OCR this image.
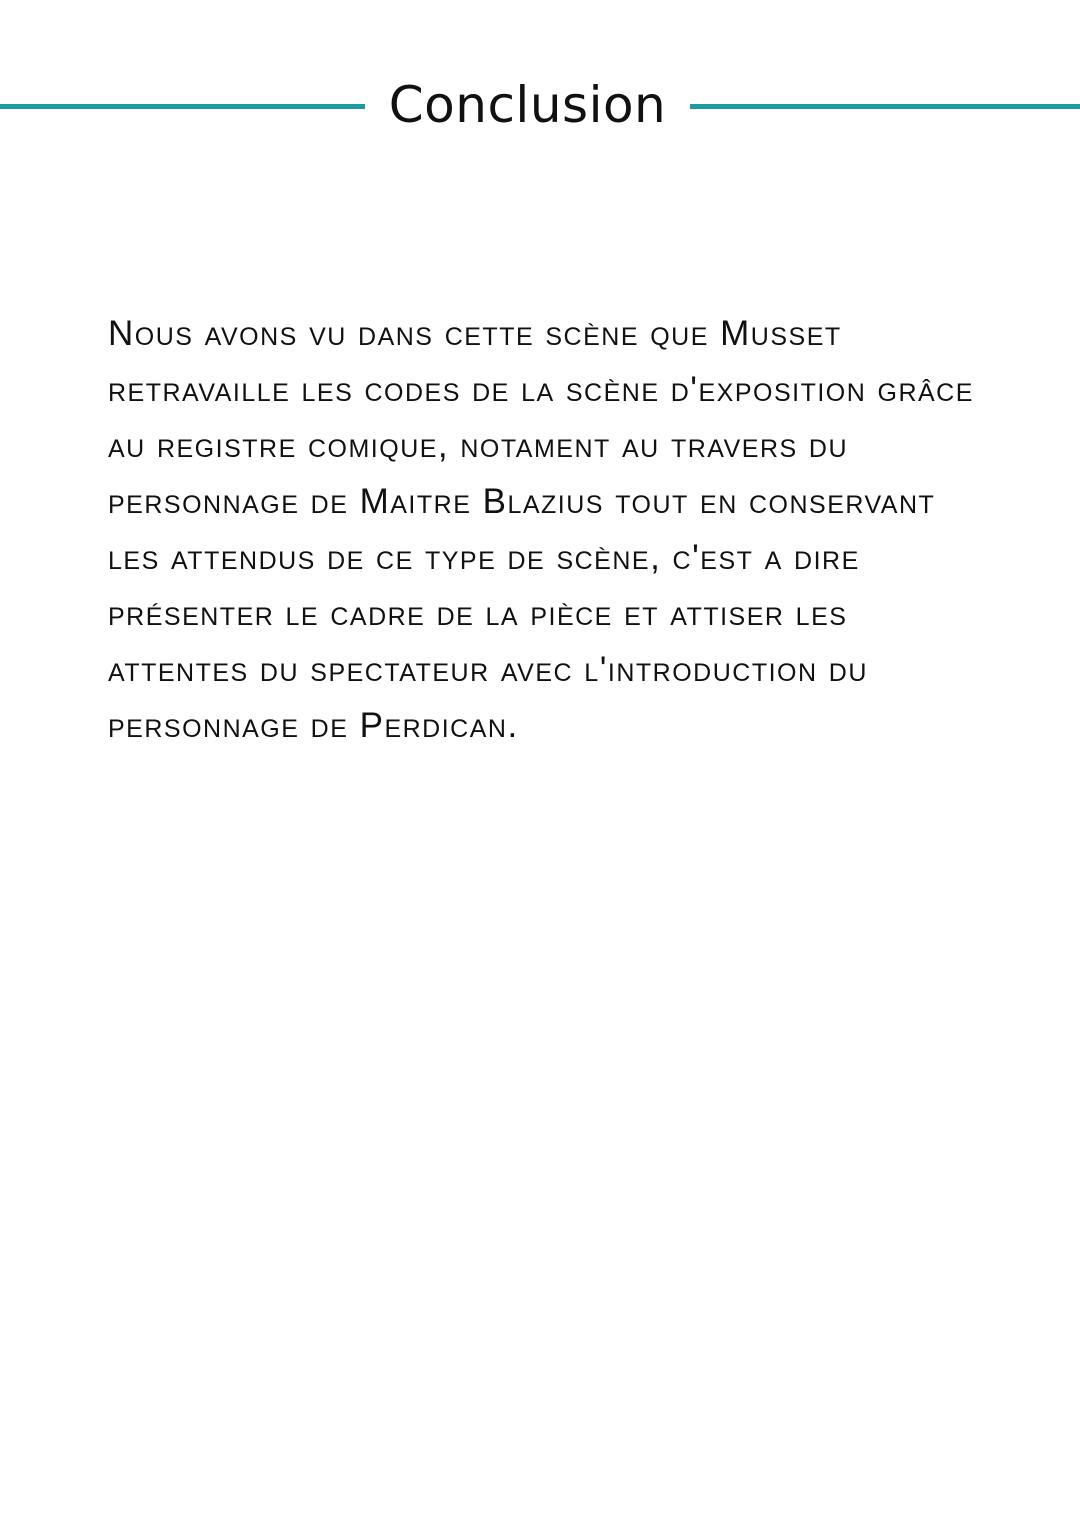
Conclusion

Nous avons vu dans cette scène que Musset
retravaille les codes de la scène d'exposition grâce
au registre comique, notament au travers du
personnage de Maitre Blazius tout en conservant
les attendus de ce type de scène, c'est a dire
présenter le cadre de la pièce et attiser les
attentes du spectateur avec l'introduction du
personnage de Perdican.
